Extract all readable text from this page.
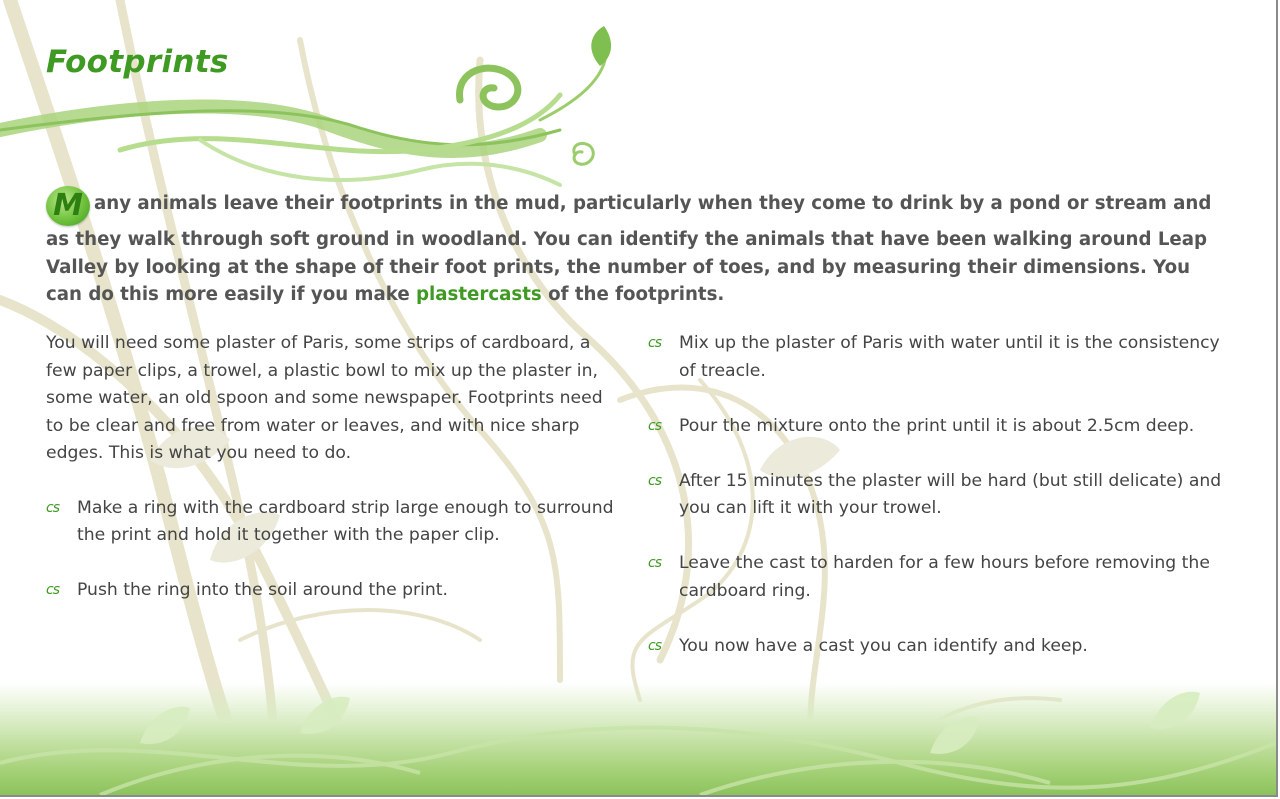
Footprints

M any animals leave their footprints in the mud, particularly when they come to drink by a pond or stream and as they walk through soft ground in woodland. You can identify the animals that have been walking around Leap Valley by looking at the shape of their foot prints, the number of toes, and by measuring their dimensions. You can do this more easily if you make plastercasts of the footprints.

You will need some plaster of Paris, some strips of cardboard, a few paper clips, a trowel, a plastic bowl to mix up the plaster in, some water, an old spoon and some newspaper. Footprints need to be clear and free from water or leaves, and with nice sharp edges. This is what you need to do.

cs Make a ring with the cardboard strip large enough to surround the print and hold it together with the paper clip.
cs Push the ring into the soil around the print.
cs Mix up the plaster of Paris with water until it is the consistency of treacle.
cs Pour the mixture onto the print until it is about 2.5cm deep.
cs After 15 minutes the plaster will be hard (but still delicate) and you can lift it with your trowel.
cs Leave the cast to harden for a few hours before removing the cardboard ring.
cs You now have a cast you can identify and keep.
